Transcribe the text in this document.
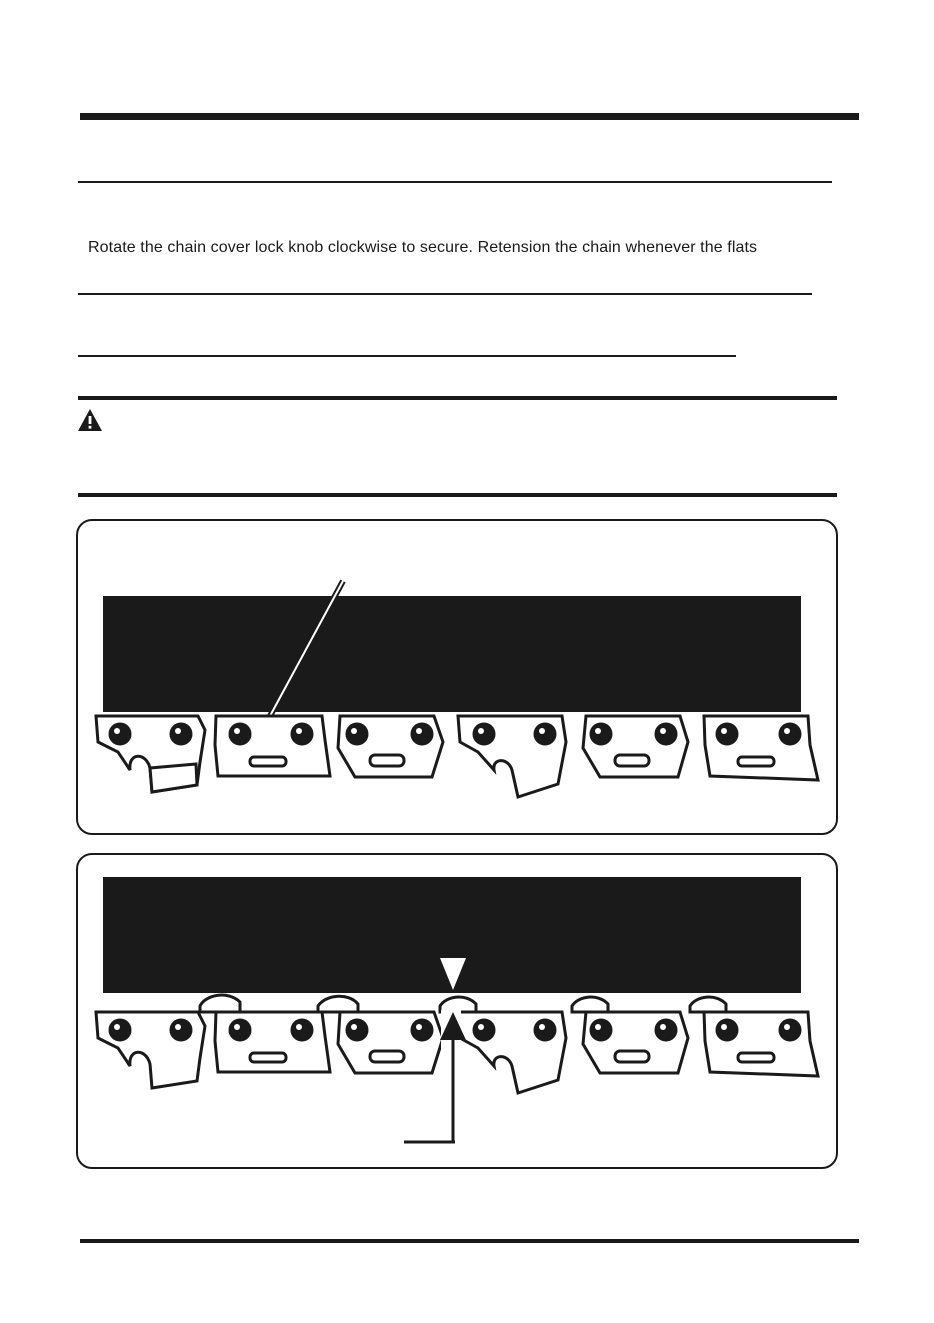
Rotate the chain cover lock knob clockwise to secure. Retension the chain whenever the flats
